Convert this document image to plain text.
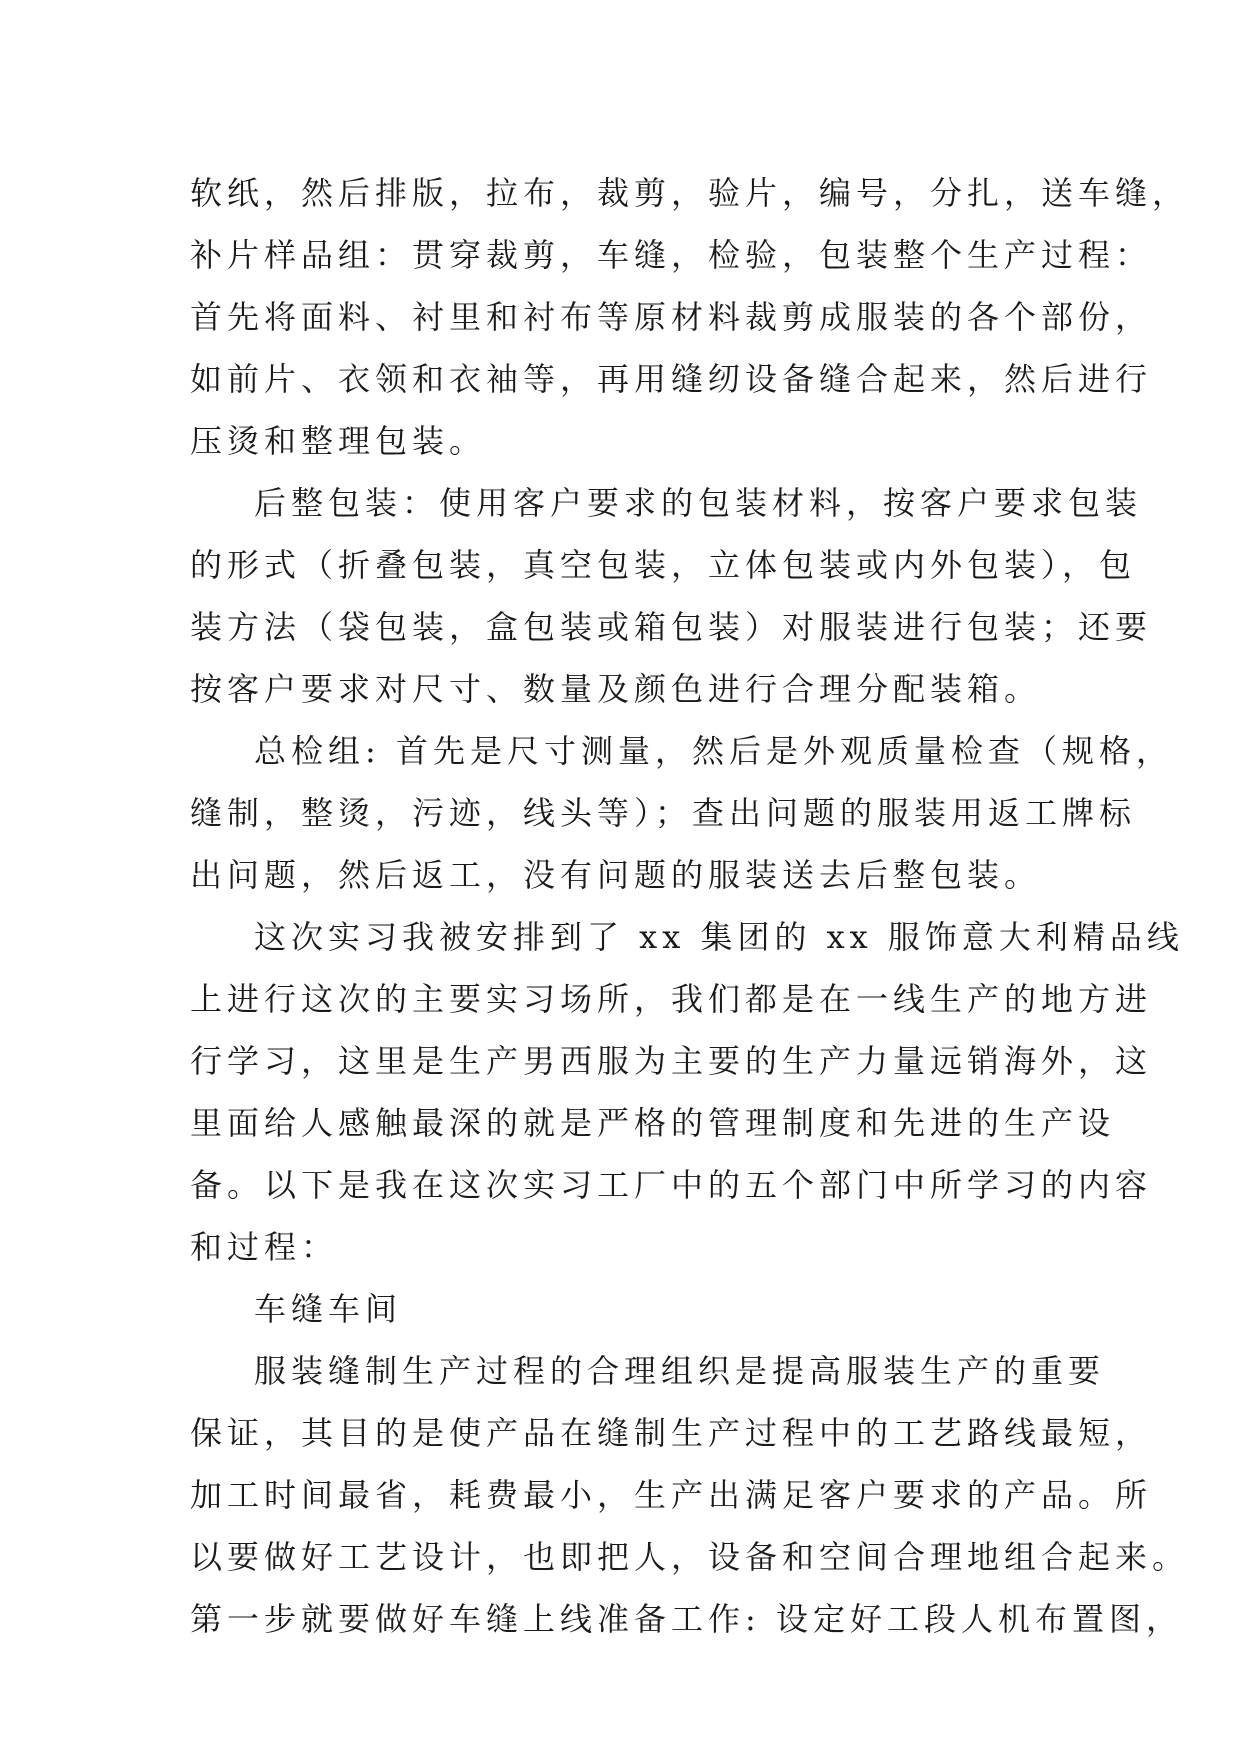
软纸，然后排版，拉布，裁剪，验片，编号，分扎，送车缝，
补片样品组：贯穿裁剪，车缝，检验，包装整个生产过程：
首先将面料、衬里和衬布等原材料裁剪成服装的各个部份，
如前片、衣领和衣袖等，再用缝纫设备缝合起来，然后进行
压烫和整理包装。
后整包装：使用客户要求的包装材料，按客户要求包装
的形式（折叠包装，真空包装，立体包装或内外包装），包
装方法（袋包装，盒包装或箱包装）对服装进行包装；还要
按客户要求对尺寸、数量及颜色进行合理分配装箱。
总检组: 首先是尺寸测量，然后是外观质量检查（规格，
缝制，整烫，污迹，线头等）；查出问题的服装用返工牌标
出问题，然后返工，没有问题的服装送去后整包装。
这次实习我被安排到了 xx 集团的 xx 服饰意大利精品线
上进行这次的主要实习场所，我们都是在一线生产的地方进
行学习，这里是生产男西服为主要的生产力量远销海外，这
里面给人感触最深的就是严格的管理制度和先进的生产设
备。以下是我在这次实习工厂中的五个部门中所学习的内容
和过程：
车缝车间
服装缝制生产过程的合理组织是提高服装生产的重要
保证，其目的是使产品在缝制生产过程中的工艺路线最短，
加工时间最省，耗费最小，生产出满足客户要求的产品。所
以要做好工艺设计，也即把人，设备和空间合理地组合起来。
第一步就要做好车缝上线准备工作: 设定好工段人机布置图，
